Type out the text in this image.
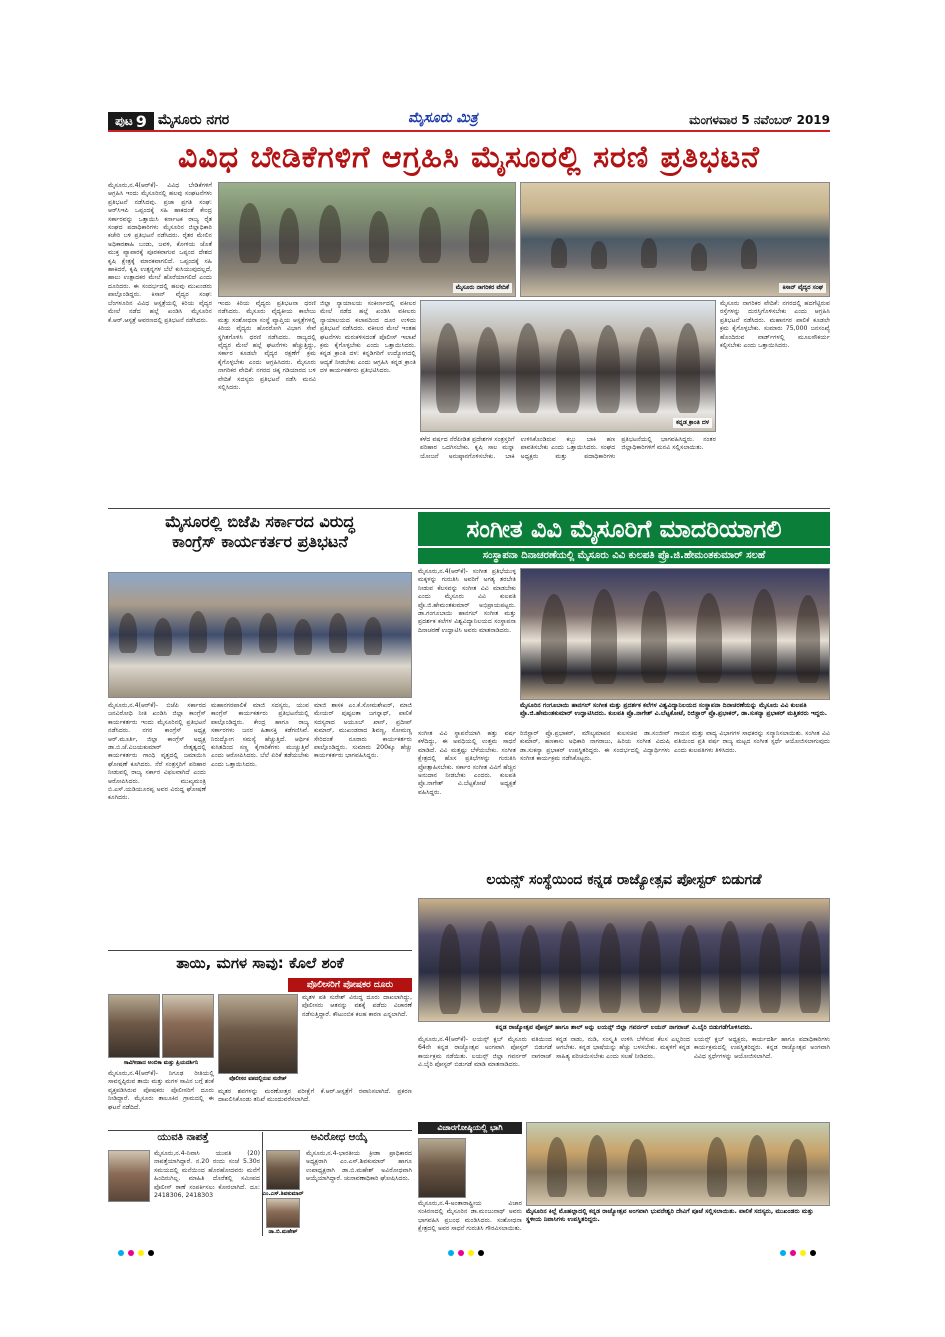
ಪುಟ 9 ಮೈಸೂರು ನಗರ	ಮೈಸೂರು ಮಿತ್ರ	ಮಂಗಳವಾರ 5 ನವೆಂಬರ್ 2019
ವಿವಿಧ ಬೇಡಿಕೆಗಳಿಗೆ ಆಗ್ರಹಿಸಿ ಮೈಸೂರಲ್ಲಿ ಸರಣಿ ಪ್ರತಿಭಟನೆ

ಮೈಸೂರು,ನ.4(ಆರ್‌ಕೆ)- ವಿವಿಧ ಬೇಡಿಕೆಗಳಿಗೆ ಆಗ್ರಹಿಸಿ ಇಂದು ಮೈಸೂರಿನಲ್ಲಿ ಹಲವು ಸಂಘಟನೆಗಳು ಪ್ರತಿಭಟನೆ ನಡೆಸಿದವು. ಪ್ರಜಾ ಪ್ರಗತಿ ಸಂಘ: ಆರ್‌ಸಿಇಪಿ ಒಪ್ಪಂದಕ್ಕೆ ಸಹಿ ಹಾಕದಂತೆ ಕೇಂದ್ರ ಸರ್ಕಾರವನ್ನು ಒತ್ತಾಯಿಸಿ ಕರ್ನಾಟಕ ರಾಜ್ಯ ರೈತ ಸಂಘದ ಪದಾಧಿಕಾರಿಗಳು ಮೈಸೂರಿನ ಜಿಲ್ಲಾಧಿಕಾರಿ ಕಚೇರಿ ಬಳಿ ಪ್ರತಿಭಟನೆ ನಡೆಸಿದರು. ರೈತರ ಮೇಲಿನ ಅಧಿಕಾರಶಾಹಿ ಬಂಡು, ಜವಳಿ, ಕೋಳಿಯ ಜೊತೆ ಮುಕ್ತ ವ್ಯಾಪಾರಕ್ಕೆ ಪೂರಕವಾಗುವ ಒಪ್ಪಂದ ದೇಶದ ಕೃಷಿ ಕ್ಷೇತ್ರಕ್ಕೆ ಮಾರಕವಾಗಲಿದೆ. ಒಪ್ಪಂದಕ್ಕೆ ಸಹಿ ಹಾಕಿದರೆ, ಕೃಷಿ ಉತ್ಪನ್ನಗಳ ಬೆಲೆ ಕುಸಿಯುವುದಲ್ಲದೆ, ಹಾಲು ಉತ್ಪಾದಕರ ಮೇಲೆ ಹೊರೆಯಾಗಲಿದೆ ಎಂದು ದೂರಿದರು. ಈ ಸಂದರ್ಭದಲ್ಲಿ ಹಲವು ಮುಖಂಡರು ಪಾಲ್ಗೊಂಡಿದ್ದರು. ಕಿಸಾನ್ ವೈದ್ಯರ ಸಂಘ: ಬೆಂಗಳೂರಿನ ವಿವಿಧ ಆಸ್ಪತ್ರೆಯಲ್ಲಿ ಕಿರಿಯ ವೈದ್ಯರ ಮೇಲೆ ನಡೆದ ಹಲ್ಲೆ ಖಂಡಿಸಿ ಮೈಸೂರಿನ ಕೆ.ಆರ್.ಆಸ್ಪತ್ರೆ ಆವರಣದಲ್ಲಿ ಪ್ರತಿಭಟನೆ ನಡೆಸಿದರು.

ಮೈಸೂರು ನಾಗರಿಕರ ವೇದಿಕೆ	ಕಿಸಾನ್ ವೈದ್ಯರ ಸಂಘ

ಇಂದು ಕಿರಿಯ ವೈದ್ಯರು ಪ್ರತಿಭಟನಾ ಧರಣಿ ನಡೆಸಿದರು. ಮೈಸೂರು ವೈದ್ಯಕೀಯ ಕಾಲೇಜು ಮತ್ತು ಸಂಶೋಧನಾ ಸಂಸ್ಥೆ ವ್ಯಾಪ್ತಿಯ ಆಸ್ಪತ್ರೆಗಳಲ್ಲಿ ಕಿರಿಯ ವೈದ್ಯರು ಹೊರರೋಗಿ ವಿಭಾಗ ಸೇವೆ ಸ್ಥಗಿತಗೊಳಿಸಿ ಧರಣಿ ನಡೆಸಿದರು. ರಾಜ್ಯದಲ್ಲಿ ವೈದ್ಯರ ಮೇಲೆ ಹಲ್ಲೆ ಘಟನೆಗಳು ಹೆಚ್ಚುತ್ತಿದ್ದು, ಸರ್ಕಾರ ಕೂಡಲೇ ವೈದ್ಯರ ರಕ್ಷಣೆಗೆ ಕ್ರಮ ಕೈಗೊಳ್ಳಬೇಕು ಎಂದು ಆಗ್ರಹಿಸಿದರು. ಮೈಸೂರು ನಾಗರಿಕರ ವೇದಿಕೆ: ನಗರದ ಚಿಕ್ಕ ಗಡಿಯಾರದ ಬಳಿ ವೇದಿಕೆ ಸದಸ್ಯರು ಪ್ರತಿಭಟನೆ ನಡೆಸಿ ಮನವಿ ಸಲ್ಲಿಸಿದರು.

ಜಿಲ್ಲಾ ನ್ಯಾಯಾಲಯ ಸಂಕೀರ್ಣದಲ್ಲಿ ವಕೀಲರ ಮೇಲೆ ನಡೆದ ಹಲ್ಲೆ ಖಂಡಿಸಿ ವಕೀಲರು ನ್ಯಾಯಾಲಯದ ಕಲಾಪದಿಂದ ದೂರ ಉಳಿದು ಪ್ರತಿಭಟನೆ ನಡೆಸಿದರು. ವಕೀಲರ ಮೇಲೆ ಇಂತಹ ಘಟನೆಗಳು ಮರುಕಳಿಸದಂತೆ ಪೊಲೀಸ್ ಇಲಾಖೆ ಕ್ರಮ ಕೈಗೊಳ್ಳಬೇಕು ಎಂದು ಒತ್ತಾಯಿಸಿದರು. ಕನ್ನಡ ಕ್ರಾಂತಿ ದಳ: ಕನ್ನಡಿಗರಿಗೆ ಉದ್ಯೋಗದಲ್ಲಿ ಆದ್ಯತೆ ನೀಡಬೇಕು ಎಂದು ಆಗ್ರಹಿಸಿ ಕನ್ನಡ ಕ್ರಾಂತಿ ದಳ ಕಾರ್ಯಕರ್ತರು ಪ್ರತಿಭಟಿಸಿದರು.

ಕನ್ನಡ ಕ್ರಾಂತಿ ದಳ

ಕಳೆದ ವರ್ಷದ ನೆರೆಪೀಡಿತ ಪ್ರದೇಶಗಳ ಸಂತ್ರಸ್ತರಿಗೆ ಪರಿಹಾರ ಒದಗಿಸಬೇಕು. ಕೃಷಿ ಸಾಲ ಮನ್ನಾ ಯೋಜನೆ ಅನುಷ್ಠಾನಗೊಳಿಸಬೇಕು. ಬಾಕಿ ಉಳಿಸಿಕೊಂಡಿರುವ ಕಬ್ಬು ಬಾಕಿ ಹಣ ಪಾವತಿಸಬೇಕು ಎಂದು ಒತ್ತಾಯಿಸಿದರು. ಸಂಘದ ಅಧ್ಯಕ್ಷರು ಮತ್ತು ಪದಾಧಿಕಾರಿಗಳು ಪ್ರತಿಭಟನೆಯಲ್ಲಿ ಭಾಗವಹಿಸಿದ್ದರು. ನಂತರ ಜಿಲ್ಲಾಧಿಕಾರಿಗಳಿಗೆ ಮನವಿ ಸಲ್ಲಿಸಲಾಯಿತು.

ಮೈಸೂರು ನಾಗರಿಕರ ವೇದಿಕೆ: ನಗರದಲ್ಲಿ ಹದಗೆಟ್ಟಿರುವ ರಸ್ತೆಗಳನ್ನು ದುರಸ್ತಿಗೊಳಿಸಬೇಕು ಎಂದು ಆಗ್ರಹಿಸಿ ಪ್ರತಿಭಟನೆ ನಡೆಸಿದರು. ಮಹಾನಗರ ಪಾಲಿಕೆ ಕೂಡಲೇ ಕ್ರಮ ಕೈಗೊಳ್ಳಬೇಕು. ಸುಮಾರು 75,000 ಜನಸಂಖ್ಯೆ ಹೊಂದಿರುವ ವಾರ್ಡ್‌ಗಳಲ್ಲಿ ಮೂಲಸೌಕರ್ಯ ಕಲ್ಪಿಸಬೇಕು ಎಂದು ಒತ್ತಾಯಿಸಿದರು.

ಮೈಸೂರಲ್ಲಿ ಬಿಜೆಪಿ ಸರ್ಕಾರದ ವಿರುದ್ಧ
ಕಾಂಗ್ರೆಸ್ ಕಾರ್ಯಕರ್ತರ ಪ್ರತಿಭಟನೆ

ಮೈಸೂರು,ನ.4(ಆರ್‌ಕೆ)- ಬಿಜೆಪಿ ಸರ್ಕಾರದ ಜನವಿರೋಧಿ ನೀತಿ ಖಂಡಿಸಿ ಜಿಲ್ಲಾ ಕಾಂಗ್ರೆಸ್ ಕಾರ್ಯಕರ್ತರು ಇಂದು ಮೈಸೂರಿನಲ್ಲಿ ಪ್ರತಿಭಟನೆ ನಡೆಸಿದರು. ನಗರ ಕಾಂಗ್ರೆಸ್ ಅಧ್ಯಕ್ಷ ಆರ್.ಮೂರ್ತಿ, ಜಿಲ್ಲಾ ಕಾಂಗ್ರೆಸ್ ಅಧ್ಯಕ್ಷ ಡಾ.ಬಿ.ಜೆ.ವಿಜಯಕುಮಾರ್ ನೇತೃತ್ವದಲ್ಲಿ ಕಾರ್ಯಕರ್ತರು ಗಾಂಧಿ ವೃತ್ತದಲ್ಲಿ ಜಮಾಯಿಸಿ ಘೋಷಣೆ ಕೂಗಿದರು. ನೆರೆ ಸಂತ್ರಸ್ತರಿಗೆ ಪರಿಹಾರ ನೀಡುವಲ್ಲಿ ರಾಜ್ಯ ಸರ್ಕಾರ ವಿಫಲವಾಗಿದೆ ಎಂದು ಆರೋಪಿಸಿದರು. ಮುಖ್ಯಮಂತ್ರಿ ಬಿ.ಎಸ್.ಯಡಿಯೂರಪ್ಪ ಅವರ ವಿರುದ್ಧ ಘೋಷಣೆ ಕೂಗಿದರು.

ಮಹಾನಗರಪಾಲಿಕೆ ಮಾಜಿ ಸದಸ್ಯರು, ಯುವ ಕಾಂಗ್ರೆಸ್ ಕಾರ್ಯಕರ್ತರು ಪ್ರತಿಭಟನೆಯಲ್ಲಿ ಪಾಲ್ಗೊಂಡಿದ್ದರು. ಕೇಂದ್ರ ಹಾಗೂ ರಾಜ್ಯ ಸರ್ಕಾರಗಳು ಜನರ ಹಿತಾಸಕ್ತಿ ಕಡೆಗಣಿಸಿವೆ. ನಿರುದ್ಯೋಗ ಸಮಸ್ಯೆ ಹೆಚ್ಚುತ್ತಿದೆ. ಆರ್ಥಿಕ ಕುಸಿತದಿಂದ ಸಣ್ಣ ಕೈಗಾರಿಕೆಗಳು ಮುಚ್ಚುತ್ತಿವೆ ಎಂದು ಆರೋಪಿಸಿದರು. ಬೆಲೆ ಏರಿಕೆ ತಡೆಯಬೇಕು ಎಂದು ಒತ್ತಾಯಿಸಿದರು.

ಮಾಜಿ ಶಾಸಕ ಎಂ.ಕೆ.ಸೋಮಶೇಖರ್, ಮಾಜಿ ಮೇಯರ್ ಪುಷ್ಪಲತಾ ಜಗನ್ನಾಥ್, ಪಾಲಿಕೆ ಸದಸ್ಯರಾದ ಅಯೂಬ್ ಖಾನ್, ಪ್ರದೀಪ್ ಕುಮಾರ್, ಮುಖಂಡರಾದ ಶಿವಣ್ಣ, ಸೋಮಣ್ಣ ಸೇರಿದಂತೆ ನೂರಾರು ಕಾರ್ಯಕರ್ತರು ಪಾಲ್ಗೊಂಡಿದ್ದರು. ಸುಮಾರು 200ಕ್ಕೂ ಹೆಚ್ಚು ಕಾರ್ಯಕರ್ತರು ಭಾಗವಹಿಸಿದ್ದರು.

ಸಂಗೀತ ವಿವಿ ಮೈಸೂರಿಗೆ ಮಾದರಿಯಾಗಲಿ
ಸಂಸ್ಥಾಪನಾ ದಿನಾಚರಣೆಯಲ್ಲಿ ಮೈಸೂರು ವಿವಿ ಕುಲಪತಿ ಪ್ರೊ.ಜಿ.ಹೇಮಂತಕುಮಾರ್ ಸಲಹೆ

ಮೈಸೂರು,ನ.4(ಆರ್‌ಕೆ)- ಸಂಗೀತ ಪ್ರತಿಭೆಯುಳ್ಳ ಮಕ್ಕಳನ್ನು ಗುರುತಿಸಿ ಅವರಿಗೆ ಅಗತ್ಯ ತರಬೇತಿ ನೀಡುವ ಕೆಲಸವನ್ನು ಸಂಗೀತ ವಿವಿ ಮಾಡಬೇಕು ಎಂದು ಮೈಸೂರು ವಿವಿ ಕುಲಪತಿ ಪ್ರೊ.ಜಿ.ಹೇಮಂತಕುಮಾರ್ ಅಭಿಪ್ರಾಯಪಟ್ಟರು. ಡಾ.ಗಂಗೂಬಾಯಿ ಹಾನಗಲ್ ಸಂಗೀತ ಮತ್ತು ಪ್ರದರ್ಶಕ ಕಲೆಗಳ ವಿಶ್ವವಿದ್ಯಾನಿಲಯದ ಸಂಸ್ಥಾಪನಾ ದಿನಾಚರಣೆ ಉದ್ಘಾಟಿಸಿ ಅವರು ಮಾತನಾಡಿದರು.

ಮೈಸೂರಿನ ಗಂಗೂಬಾಯಿ ಹಾನಗಲ್ ಸಂಗೀತ ಮತ್ತು ಪ್ರದರ್ಶಕ ಕಲೆಗಳ ವಿಶ್ವವಿದ್ಯಾನಿಲಯದ ಸಂಸ್ಥಾಪನಾ ದಿನಾಚರಣೆಯನ್ನು ಮೈಸೂರು ವಿವಿ ಕುಲಪತಿ ಪ್ರೊ.ಜಿ.ಹೇಮಂತಕುಮಾರ್ ಉದ್ಘಾಟಿಸಿದರು. ಕುಲಪತಿ ಪ್ರೊ.ನಾಗೇಶ್ ವಿ.ಬೆಟ್ಟಕೋಟೆ, ರಿಜಿಸ್ಟ್ರಾರ್ ಪ್ರೊ.ಪ್ರಭಾಕರ್, ಡಾ.ಸುಕನ್ಯಾ ಪ್ರಭಾಕರ್ ಮತ್ತಿತರರು ಇದ್ದರು.

ಸಂಗೀತ ವಿವಿ ಸ್ಥಾಪನೆಯಾಗಿ ಹತ್ತು ವರ್ಷ ಕಳೆದಿದ್ದು, ಈ ಅವಧಿಯಲ್ಲಿ ಉತ್ತಮ ಸಾಧನೆ ಮಾಡಿದೆ. ವಿವಿ ಮತ್ತಷ್ಟು ಬೆಳೆಯಬೇಕು. ಸಂಗೀತ ಕ್ಷೇತ್ರದಲ್ಲಿ ಹೊಸ ಪ್ರತಿಭೆಗಳನ್ನು ಗುರುತಿಸಿ ಪ್ರೋತ್ಸಾಹಿಸಬೇಕು. ಸರ್ಕಾರ ಸಂಗೀತ ವಿವಿಗೆ ಹೆಚ್ಚಿನ ಅನುದಾನ ನೀಡಬೇಕು ಎಂದರು. ಕುಲಪತಿ ಪ್ರೊ.ನಾಗೇಶ್ ವಿ.ಬೆಟ್ಟಕೋಟೆ ಅಧ್ಯಕ್ಷತೆ ವಹಿಸಿದ್ದರು.

ರಿಜಿಸ್ಟ್ರಾರ್ ಪ್ರೊ.ಪ್ರಭಾಕರ್, ಮೌಲ್ಯಮಾಪನ ಕುಲಸಚಿವ ಡಾ.ಸಂಜೀವ್ ಕುಮಾರ್, ಹಣಕಾಸು ಅಧಿಕಾರಿ ನಾಗರಾಜು, ಹಿರಿಯ ಸಂಗೀತ ವಿದುಷಿ ಡಾ.ಸುಕನ್ಯಾ ಪ್ರಭಾಕರ್ ಉಪಸ್ಥಿತರಿದ್ದರು. ಈ ಸಂದರ್ಭದಲ್ಲಿ ವಿದ್ಯಾರ್ಥಿಗಳು ಸಂಗೀತ ಕಾರ್ಯಕ್ರಮ ನಡೆಸಿಕೊಟ್ಟರು.

ಗಾಯನ ಮತ್ತು ವಾದ್ಯ ವಿಭಾಗಗಳ ಸಾಧಕರನ್ನು ಸನ್ಮಾನಿಸಲಾಯಿತು. ಸಂಗೀತ ವಿವಿ ವತಿಯಿಂದ ಪ್ರತಿ ವರ್ಷ ರಾಜ್ಯ ಮಟ್ಟದ ಸಂಗೀತ ಸ್ಪರ್ಧೆ ಆಯೋಜಿಸಲಾಗುವುದು ಎಂದು ಕುಲಪತಿಗಳು ತಿಳಿಸಿದರು.

ಲಯನ್ಸ್ ಸಂಸ್ಥೆಯಿಂದ ಕನ್ನಡ ರಾಜ್ಯೋತ್ಸವ ಪೋಸ್ಟರ್ ಬಿಡುಗಡೆ
ಕನ್ನಡ ರಾಜ್ಯೋತ್ಸವ ಪೋಸ್ಟರ್ ಹಾಗೂ ಶಾಲ್ ಅನ್ನು ಲಯನ್ಸ್ ಜಿಲ್ಲಾ ಗವರ್ನರ್ ಲಯನ್ ನಾಗರಾಜ್ ವಿ.ಬೈರಿ ಬಿಡುಗಡೆಗೊಳಿಸಿದರು.

ಮೈಸೂರು,ನ.4(ಆರ್‌ಕೆ)- ಲಯನ್ಸ್ ಕ್ಲಬ್ ಮೈಸೂರು ವತಿಯಿಂದ 64ನೇ ಕನ್ನಡ ರಾಜ್ಯೋತ್ಸವ ಅಂಗವಾಗಿ ಪೋಸ್ಟರ್ ಬಿಡುಗಡೆ ಕಾರ್ಯಕ್ರಮ ನಡೆಯಿತು. ಲಯನ್ಸ್ ಜಿಲ್ಲಾ ಗವರ್ನರ್ ನಾಗರಾಜ್ ವಿ.ಬೈರಿ ಪೋಸ್ಟರ್ ಬಿಡುಗಡೆ ಮಾಡಿ ಮಾತನಾಡಿದರು.

ಕನ್ನಡ ನಾಡು, ನುಡಿ, ಸಂಸ್ಕೃತಿ ಉಳಿಸಿ ಬೆಳೆಸುವ ಕೆಲಸ ಎಲ್ಲರಿಂದ ಆಗಬೇಕು. ಕನ್ನಡ ಭಾಷೆಯನ್ನು ಹೆಚ್ಚು ಬಳಸಬೇಕು. ಮಕ್ಕಳಿಗೆ ಕನ್ನಡ ಸಾಹಿತ್ಯ ಪರಿಚಯಿಸಬೇಕು ಎಂದು ಸಲಹೆ ನೀಡಿದರು.

ಲಯನ್ಸ್ ಕ್ಲಬ್ ಅಧ್ಯಕ್ಷರು, ಕಾರ್ಯದರ್ಶಿ ಹಾಗೂ ಪದಾಧಿಕಾರಿಗಳು ಕಾರ್ಯಕ್ರಮದಲ್ಲಿ ಉಪಸ್ಥಿತರಿದ್ದರು. ಕನ್ನಡ ರಾಜ್ಯೋತ್ಸವ ಅಂಗವಾಗಿ ವಿವಿಧ ಸ್ಪರ್ಧೆಗಳನ್ನು ಆಯೋಜಿಸಲಾಗಿದೆ.

ತಾಯಿ, ಮಗಳ ಸಾವು: ಕೊಲೆ ಶಂಕೆ
ಪೊಲೀಸರಿಗೆ ಪೋಷಕರ ದೂರು
ಸಾವಿಗೀಡಾದ ಅಂಬಿಕಾ ಮತ್ತು ಪ್ರಿಯದರ್ಶಿನಿ
ಪೊಲೀಸರ ವಶದಲ್ಲಿರುವ ಸುರೇಶ್

ಮೃತಳ ಪತಿ ಸುರೇಶ್ ವಿರುದ್ಧ ದೂರು ದಾಖಲಾಗಿದ್ದು, ಪೊಲೀಸರು ಆತನನ್ನು ವಶಕ್ಕೆ ಪಡೆದು ವಿಚಾರಣೆ ನಡೆಸುತ್ತಿದ್ದಾರೆ. ಕೌಟುಂಬಿಕ ಕಲಹ ಕಾರಣ ಎನ್ನಲಾಗಿದೆ.

ಮೈಸೂರು,ನ.4(ಆರ್‌ಕೆ)- ನಿಗೂಢ ರೀತಿಯಲ್ಲಿ ಸಾವನ್ನಪ್ಪಿರುವ ತಾಯಿ ಮತ್ತು ಮಗಳ ಸಾವಿನ ಬಗ್ಗೆ ಶಂಕೆ ವ್ಯಕ್ತಪಡಿಸಿರುವ ಪೋಷಕರು ಪೊಲೀಸರಿಗೆ ದೂರು ನೀಡಿದ್ದಾರೆ. ಮೈಸೂರು ತಾಲೂಕಿನ ಗ್ರಾಮದಲ್ಲಿ ಈ ಘಟನೆ ನಡೆದಿದೆ.

ಮೃತರ ಶವಗಳನ್ನು ಮರಣೋತ್ತರ ಪರೀಕ್ಷೆಗೆ ಕೆ.ಆರ್.ಆಸ್ಪತ್ರೆಗೆ ರವಾನಿಸಲಾಗಿದೆ. ಪ್ರಕರಣ ದಾಖಲಿಸಿಕೊಂಡು ತನಿಖೆ ಮುಂದುವರೆಸಲಾಗಿದೆ.

ಯುವತಿ ನಾಪತ್ತೆ

ಮೈಸೂರು,ನ.4-ನಿವಾಸಿ ಯುವತಿ (20) ನಾಪತ್ತೆಯಾಗಿದ್ದಾರೆ. ನ.20 ರಂದು ಸಂಜೆ 5.30ರ ಸಮಯದಲ್ಲಿ ಮನೆಯಿಂದ ಹೊರಹೋದವರು ಮನೆಗೆ ಹಿಂದಿರುಗಿಲ್ಲ. ಮಾಹಿತಿ ದೊರೆತಲ್ಲಿ ಸಮೀಪದ ಪೊಲೀಸ್ ಠಾಣೆ ಸಂಪರ್ಕಿಸಲು ಕೋರಲಾಗಿದೆ. ದೂ: 2418306, 2418303

ಅವಿರೋಧ ಆಯ್ಕೆ
ಎಂ.ಎಸ್.ಶಿವಕುಮಾರ್
ಡಾ.ಬಿ.ಮಹೇಶ್

ಮೈಸೂರು,ನ.4-ಭಾರತೀಯ ಕ್ರೀಡಾ ಪ್ರಾಧಿಕಾರದ ಅಧ್ಯಕ್ಷರಾಗಿ ಎಂ.ಎಸ್.ಶಿವಕುಮಾರ್ ಹಾಗೂ ಉಪಾಧ್ಯಕ್ಷರಾಗಿ ಡಾ.ಬಿ.ಮಹೇಶ್ ಅವಿರೋಧವಾಗಿ ಆಯ್ಕೆಯಾಗಿದ್ದಾರೆ. ಚುನಾವಣಾಧಿಕಾರಿ ಘೋಷಿಸಿದರು.

ವಿಚಾರಗೋಷ್ಠಿಯಲ್ಲಿ ಭಾಗಿ

ಮೈಸೂರು,ನ.4-ಅಂತಾರಾಷ್ಟ್ರೀಯ ವಿಚಾರ ಸಂಕಿರಣದಲ್ಲಿ ಮೈಸೂರಿನ ಡಾ.ಮಂಜುನಾಥ್ ಅವರು ಭಾಗವಹಿಸಿ ಪ್ರಬಂಧ ಮಂಡಿಸಿದರು. ಸಂಶೋಧನಾ ಕ್ಷೇತ್ರದಲ್ಲಿ ಅವರ ಸಾಧನೆ ಗುರುತಿಸಿ ಗೌರವಿಸಲಾಯಿತು.

ಮೈಸೂರಿನ ಕಿಲ್ಲೆ ಮೊಹಲ್ಲಾದಲ್ಲಿ ಕನ್ನಡ ರಾಜ್ಯೋತ್ಸವ ಅಂಗವಾಗಿ ಭುವನೇಶ್ವರಿ ದೇವಿಗೆ ಪೂಜೆ ಸಲ್ಲಿಸಲಾಯಿತು. ಪಾಲಿಕೆ ಸದಸ್ಯರು, ಮುಖಂಡರು ಮತ್ತು ಸ್ಥಳೀಯ ನಿವಾಸಿಗಳು ಉಪಸ್ಥಿತರಿದ್ದರು.
